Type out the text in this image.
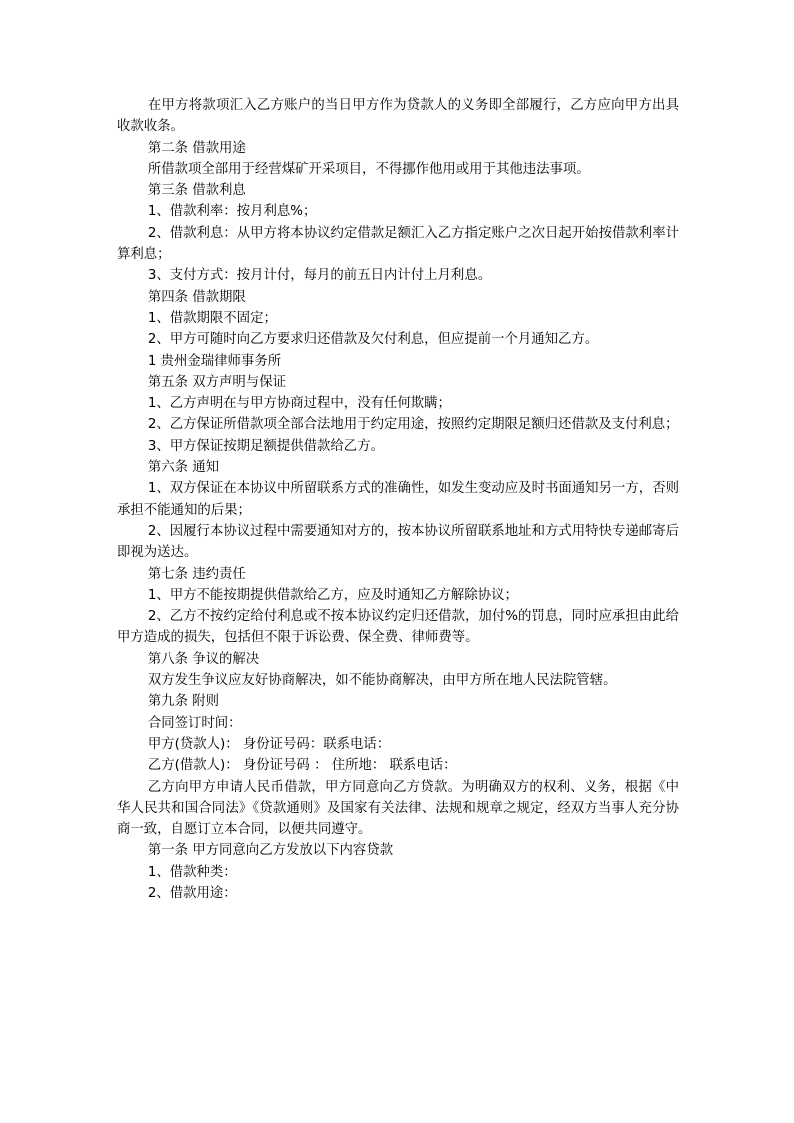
在甲方将款项汇入乙方账户的当日甲方作为贷款人的义务即全部履行，乙方应向甲方出具收款收条。

第二条 借款用途

所借款项全部用于经营煤矿开采项目，不得挪作他用或用于其他违法事项。

第三条 借款利息

1、借款利率：按月利息%；

2、借款利息：从甲方将本协议约定借款足额汇入乙方指定账户之次日起开始按借款利率计算利息；

3、支付方式：按月计付，每月的前五日内计付上月利息。

第四条 借款期限

1、借款期限不固定；

2、甲方可随时向乙方要求归还借款及欠付利息，但应提前一个月通知乙方。

1 贵州金瑞律师事务所

第五条 双方声明与保证

1、乙方声明在与甲方协商过程中，没有任何欺瞒；

2、乙方保证所借款项全部合法地用于约定用途，按照约定期限足额归还借款及支付利息；

3、甲方保证按期足额提供借款给乙方。

第六条 通知

1、双方保证在本协议中所留联系方式的准确性，如发生变动应及时书面通知另一方，否则承担不能通知的后果；

2、因履行本协议过程中需要通知对方的，按本协议所留联系地址和方式用特快专递邮寄后即视为送达。

第七条 违约责任

1、甲方不能按期提供借款给乙方，应及时通知乙方解除协议；

2、乙方不按约定给付利息或不按本协议约定归还借款，加付%的罚息，同时应承担由此给甲方造成的损失，包括但不限于诉讼费、保全费、律师费等。

第八条 争议的解决

双方发生争议应友好协商解决，如不能协商解决，由甲方所在地人民法院管辖。

第九条 附则

合同签订时间：

甲方(贷款人)： 身份证号码：联系电话：

乙方(借款人)： 身份证号码 ： 住所地： 联系电话：

乙方向甲方申请人民币借款，甲方同意向乙方贷款。为明确双方的权利、义务，根据《中华人民共和国合同法》《贷款通则》及国家有关法律、法规和规章之规定，经双方当事人充分协商一致，自愿订立本合同，以便共同遵守。

第一条 甲方同意向乙方发放以下内容贷款

1、借款种类：

2、借款用途：
